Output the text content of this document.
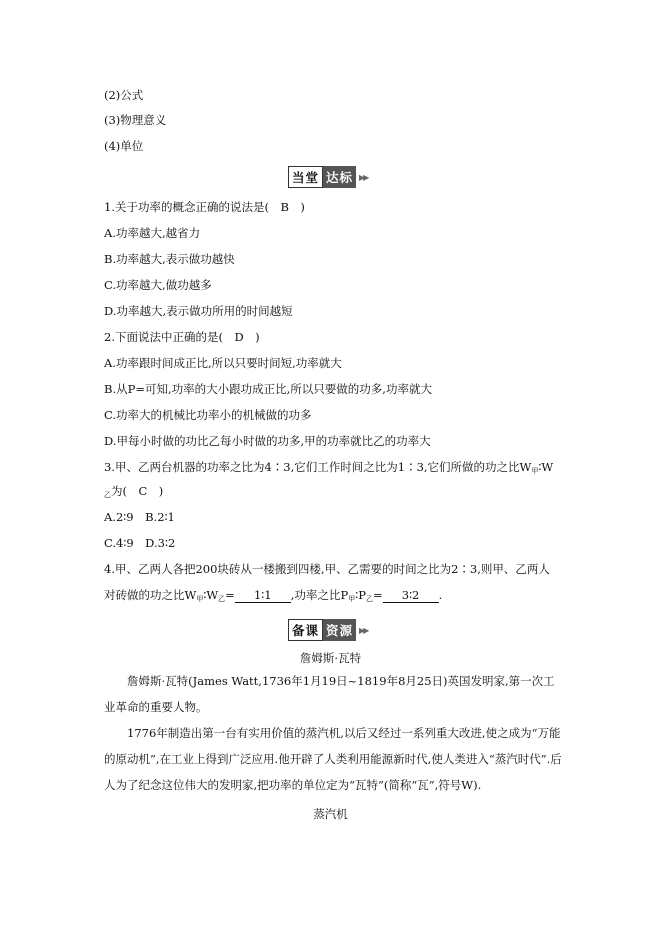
(2)公式
(3)物理意义
(4)单位
当堂 达标 ▶▶
1.关于功率的概念正确的说法是(　B　)
A.功率越大,越省力
B.功率越大,表示做功越快
C.功率越大,做功越多
D.功率越大,表示做功所用的时间越短
2.下面说法中正确的是(　D　)
A.功率跟时间成正比,所以只要时间短,功率就大
B.从P=可知,功率的大小跟功成正比,所以只要做的功多,功率就大
C.功率大的机械比功率小的机械做的功多
D.甲每小时做的功比乙每小时做的功多,甲的功率就比乙的功率大
3.甲、乙两台机器的功率之比为4∶3,它们工作时间之比为1∶3,它们所做的功之比$W_甲∶W$
$_乙$为(　C　)
A.2∶9　B.2∶1
C.4∶9　D.3∶2
4.甲、乙两人各把200块砖从一楼搬到四楼,甲、乙需要的时间之比为2∶3,则甲、乙两人
对砖做的功之比$W_甲∶W_乙=$ 1∶1 ,功率之比$P_甲∶P_乙=$ 3∶2 .
备课 资源 ▶▶
詹姆斯·瓦特
詹姆斯·瓦特(James Watt,1736年1月19日~1819年8月25日)英国发明家,第一次工业革命的重要人物。
1776年制造出第一台有实用价值的蒸汽机,以后又经过一系列重大改进,使之成为“万能的原动机”,在工业上得到广泛应用.他开辟了人类利用能源新时代,使人类进入“蒸汽时代”.后人为了纪念这位伟大的发明家,把功率的单位定为“瓦特”(简称“瓦”,符号W).
蒸汽机
